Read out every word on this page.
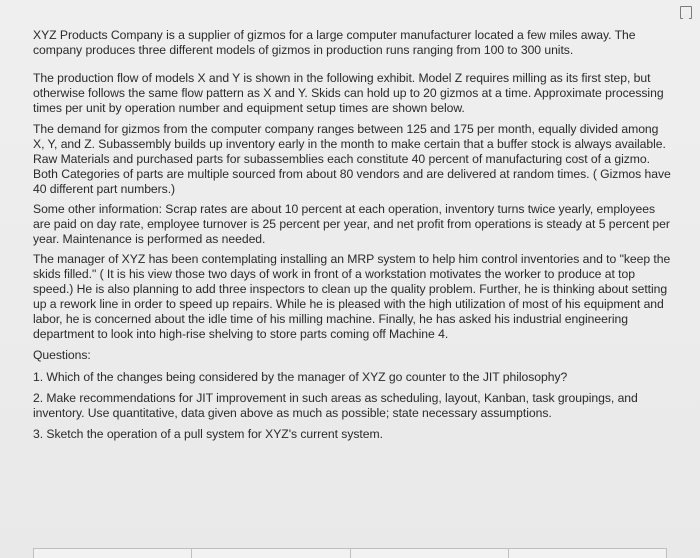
XYZ Products Company is a supplier of gizmos for a large computer manufacturer located a few miles away. The company produces three different models of gizmos in production runs ranging from 100 to 300 units.

The production flow of models X and Y is shown in the following exhibit. Model Z requires milling as its first step, but otherwise follows the same flow pattern as X and Y. Skids can hold up to 20 gizmos at a time. Approximate processing times per unit by operation number and equipment setup times are shown below.

The demand for gizmos from the computer company ranges between 125 and 175 per month, equally divided among X, Y, and Z. Subassembly builds up inventory early in the month to make certain that a buffer stock is always available. Raw Materials and purchased parts for subassemblies each constitute 40 percent of manufacturing cost of a gizmo. Both Categories of parts are multiple sourced from about 80 vendors and are delivered at random times. ( Gizmos have 40 different part numbers.)

Some other information: Scrap rates are about 10 percent at each operation, inventory turns twice yearly, employees are paid on day rate, employee turnover is 25 percent per year, and net profit from operations is steady at 5 percent per year. Maintenance is performed as needed.

The manager of XYZ has been contemplating installing an MRP system to help him control inventories and to "keep the skids filled." ( It is his view those two days of work in front of a workstation motivates the worker to produce at top speed.) He is also planning to add three inspectors to clean up the quality problem. Further, he is thinking about setting up a rework line in order to speed up repairs. While he is pleased with the high utilization of most of his equipment and labor, he is concerned about the idle time of his milling machine. Finally, he has asked his industrial engineering department to look into high-rise shelving to store parts coming off Machine 4.

Questions:

1. Which of the changes being considered by the manager of XYZ go counter to the JIT philosophy?

2. Make recommendations for JIT improvement in such areas as scheduling, layout, Kanban, task groupings, and inventory. Use quantitative, data given above as much as possible; state necessary assumptions.

3. Sketch the operation of a pull system for XYZ's current system.
